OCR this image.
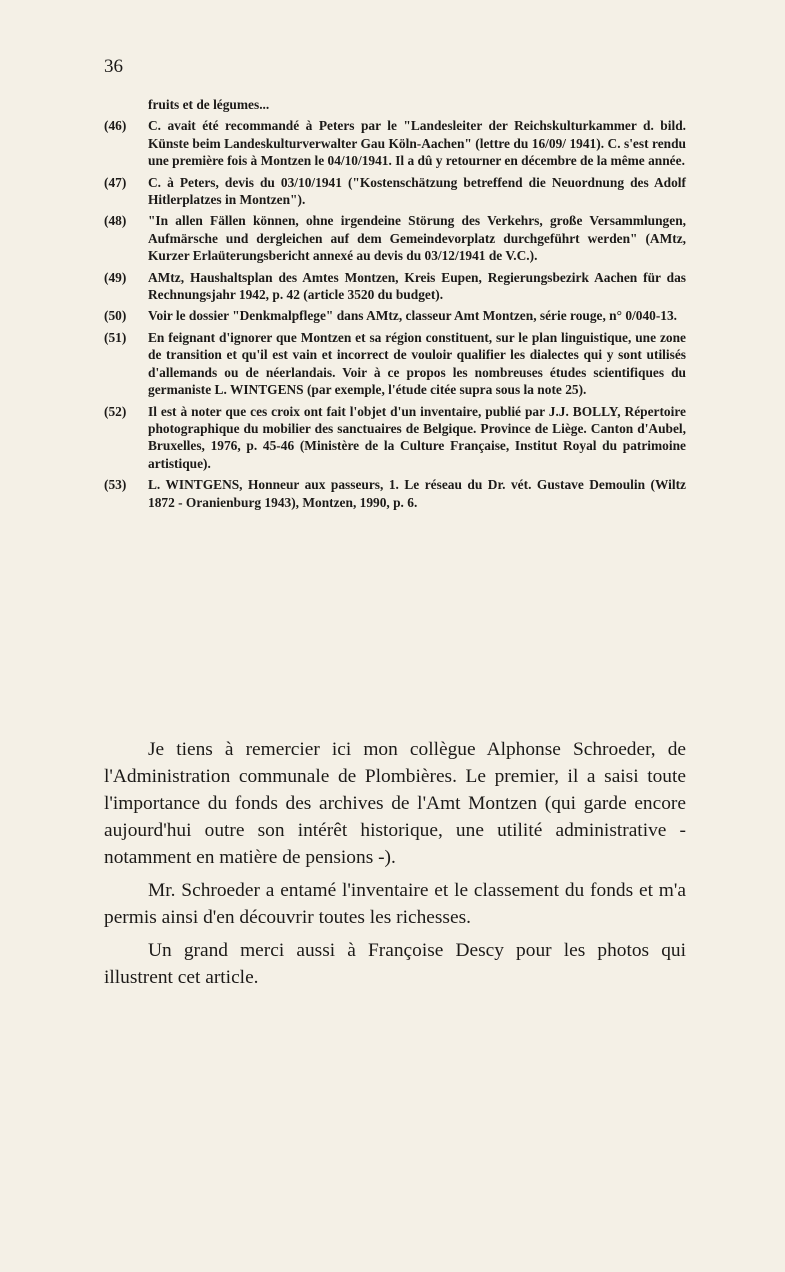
36
fruits et de légumes...
(46)	C. avait été recommandé à Peters par le "Landesleiter der Reichskulturkammer d. bild. Künste beim Landeskulturverwalter Gau Köln-Aachen" (lettre du 16/09/ 1941). C. s'est rendu une première fois à Montzen le 04/10/1941. Il a dû y retourner en décembre de la même année.
(47)	C. à Peters, devis du 03/10/1941 ("Kostenschätzung betreffend die Neuordnung des Adolf Hitlerplatzes in Montzen").
(48)	"In allen Fällen können, ohne irgendeine Störung des Verkehrs, große Versammlungen, Aufmärsche und dergleichen auf dem Gemeindevorplatz durchgeführt werden" (AMtz, Kurzer Erlaüterungsbericht annexé au devis du 03/12/1941 de V.C.).
(49)	AMtz, Haushaltsplan des Amtes Montzen, Kreis Eupen, Regierungsbezirk Aachen für das Rechnungsjahr 1942, p. 42 (article 3520 du budget).
(50)	Voir le dossier "Denkmalpflege" dans AMtz, classeur Amt Montzen, série rouge, n° 0/040-13.
(51)	En feignant d'ignorer que Montzen et sa région constituent, sur le plan linguistique, une zone de transition et qu'il est vain et incorrect de vouloir qualifier les dialectes qui y sont utilisés d'allemands ou de néerlandais. Voir à ce propos les nombreuses études scientifiques du germaniste L. WINTGENS (par exemple, l'étude citée supra sous la note 25).
(52)	Il est à noter que ces croix ont fait l'objet d'un inventaire, publié par J.J. BOLLY, Répertoire photographique du mobilier des sanctuaires de Belgique. Province de Liège. Canton d'Aubel, Bruxelles, 1976, p. 45-46 (Ministère de la Culture Française, Institut Royal du patrimoine artistique).
(53)	L. WINTGENS, Honneur aux passeurs, 1. Le réseau du Dr. vét. Gustave Demoulin (Wiltz 1872 - Oranienburg 1943), Montzen, 1990, p. 6.

Je tiens à remercier ici mon collègue Alphonse Schroeder, de l'Administration communale de Plombières. Le premier, il a saisi toute l'importance du fonds des archives de l'Amt Montzen (qui garde encore aujourd'hui outre son intérêt historique, une utilité administrative - notamment en matière de pensions -).

Mr. Schroeder a entamé l'inventaire et le classement du fonds et m'a permis ainsi d'en découvrir toutes les richesses.

Un grand merci aussi à Françoise Descy pour les photos qui illustrent cet article.
